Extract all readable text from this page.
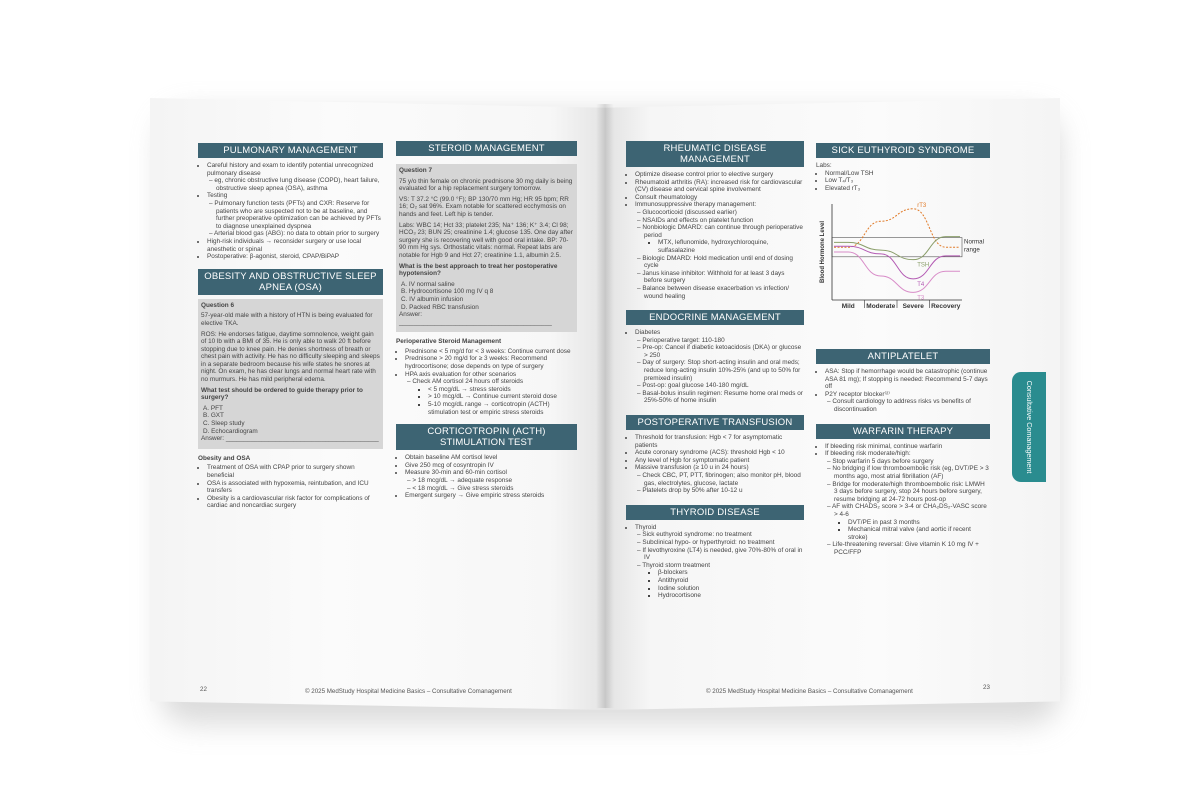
PULMONARY MANAGEMENT
• Careful history and exam to identify potential unrecognized pulmonary disease
– eg, chronic obstructive lung disease (COPD), heart failure, obstructive sleep apnea (OSA), asthma
• Testing
– Pulmonary function tests (PFTs) and CXR: Reserve for patients who are suspected not to be at baseline, and further preoperative optimization can be achieved by PFTs to diagnose unexplained dyspnea
– Arterial blood gas (ABG): no data to obtain prior to surgery
• High-risk individuals → reconsider surgery or use local anesthetic or spinal
• Postoperative: β-agonist, steroid, CPAP/BiPAP
OBESITY AND OBSTRUCTIVE SLEEP APNEA (OSA)

Question 6

57-year-old male with a history of HTN is being evaluated for elective TKA.

ROS: He endorses fatigue, daytime somnolence, weight gain of 10 lb with a BMI of 35. He is only able to walk 20 ft before stopping due to knee pain. He denies shortness of breath or chest pain with activity. He has no difficulty sleeping and sleeps in a separate bedroom because his wife states he snores at night. On exam, he has clear lungs and normal heart rate with no murmurs. He has mild peripheral edema.

What test should be ordered to guide therapy prior to surgery?

A. PFT
B. GXT
C. Sleep study
D. Echocardiogram

Answer: ___________________________________________

Obesity and OSA
• Treatment of OSA with CPAP prior to surgery shown beneficial
• OSA is associated with hypoxemia, reintubation, and ICU transfers
• Obesity is a cardiovascular risk factor for complications of cardiac and noncardiac surgery
STEROID MANAGEMENT

Question 7

75 y/o thin female on chronic prednisone 30 mg daily is being evaluated for a hip replacement surgery tomorrow.

VS: T 37.2 °C (99.0 °F); BP 130/70 mm Hg; HR 95 bpm; RR 16; O₂ sat 96%. Exam notable for scattered ecchymosis on hands and feet. Left hip is tender.

Labs: WBC 14; Hct 33; platelet 235; Na⁺ 136; K⁺ 3.4; Cl 98; HCO₃ 23; BUN 25; creatinine 1.4; glucose 135. One day after surgery she is recovering well with good oral intake. BP: 70-90 mm Hg sys. Orthostatic vitals: normal. Repeat labs are notable for Hgb 9 and Hct 27; creatinine 1.1, albumin 2.5.

What is the best approach to treat her postoperative hypotension?

A. IV normal saline
B. Hydrocortisone 100 mg IV q 8
C. IV albumin infusion
D. Packed RBC transfusion

Answer: ___________________________________________

Perioperative Steroid Management
• Prednisone < 5 mg/d for < 3 weeks: Continue current dose
• Prednisone > 20 mg/d for ≥ 3 weeks: Recommend hydrocortisone; dose depends on type of surgery
• HPA axis evaluation for other scenarios
– Check AM cortisol 24 hours off steroids
▪ < 5 mcg/dL → stress steroids
▪ > 10 mcg/dL → Continue current steroid dose
▪ 5-10 mcg/dL range → corticotropin (ACTH) stimulation test or empiric stress steroids
CORTICOTROPIN (ACTH) STIMULATION TEST
• Obtain baseline AM cortisol level
• Give 250 mcg of cosyntropin IV
• Measure 30-min and 60-min cortisol
– > 18 mcg/dL → adequate response
– < 18 mcg/dL → Give stress steroids
• Emergent surgery → Give empiric stress steroids
22	© 2025 MedStudy Hospital Medicine Basics – Consultative Comanagement
RHEUMATIC DISEASE MANAGEMENT
• Optimize disease control prior to elective surgery
• Rheumatoid arthritis (RA): increased risk for cardiovascular (CV) disease and cervical spine involvement
• Consult rheumatology
• Immunosuppressive therapy management:
– Glucocorticoid (discussed earlier)
– NSAIDs and effects on platelet function
– Nonbiologic DMARD: can continue through perioperative period
▪ MTX, leflunomide, hydroxychloroquine, sulfasalazine
– Biologic DMARD: Hold medication until end of dosing cycle
– Janus kinase inhibitor: Withhold for at least 3 days before surgery
– Balance between disease exacerbation vs infection/ wound healing
ENDOCRINE MANAGEMENT
• Diabetes
– Perioperative target: 110-180
– Pre-op: Cancel if diabetic ketoacidosis (DKA) or glucose > 250
– Day of surgery: Stop short-acting insulin and oral meds; reduce long-acting insulin 10%-25% (and up to 50% for premixed insulin)
– Post-op: goal glucose 140-180 mg/dL
– Basal-bolus insulin regimen: Resume home oral meds or 25%-50% of home insulin
POSTOPERATIVE TRANSFUSION
• Threshold for transfusion: Hgb < 7 for asymptomatic patients
• Acute coronary syndrome (ACS): threshold Hgb < 10
• Any level of Hgb for symptomatic patient
• Massive transfusion (≥ 10 u in 24 hours)
– Check CBC, PT, PTT, fibrinogen; also monitor pH, blood gas, electrolytes, glucose, lactate
– Platelets drop by 50% after 10-12 u
THYROID DISEASE
• Thyroid
– Sick euthyroid syndrome: no treatment
– Subclinical hypo- or hyperthyroid: no treatment
– If levothyroxine (LT4) is needed, give 70%-80% of oral in IV
– Thyroid storm treatment
▪ β-blockers
▪ Antithyroid
▪ Iodine solution
▪ Hydrocortisone
SICK EUTHYROID SYNDROME
Labs:
• Normal/Low TSH
• Low T₄/T₃
• Elevated rT₃
Mild Moderate Severe Recovery
Blood Hormone Level	Normal
range
rT3
TSH
T4
T3
ANTIPLATELET
• ASA: Stop if hemorrhage would be catastrophic (continue ASA 81 mg); If stopping is needed: Recommend 5-7 days off
• P2Y receptor blocker⁽²⁾
– Consult cardiology to address risks vs benefits of discontinuation
WARFARIN THERAPY
• If bleeding risk minimal, continue warfarin
• If bleeding risk moderate/high:
– Stop warfarin 5 days before surgery
– No bridging if low thromboembolic risk (eg, DVT/PE > 3 months ago, most atrial fibrillation (AF)
– Bridge for moderate/high thromboembolic risk: LMWH 3 days before surgery, stop 24 hours before surgery, resume bridging at 24-72 hours post-op
– AF with CHADS₂ score > 3-4 or CHA₂DS₂-VASC score > 4-6
▪ DVT/PE in past 3 months
▪ Mechanical mitral valve (and aortic if recent stroke)
– Life-threatening reversal: Give vitamin K 10 mg IV + PCC/FFP
Consultative Comanagement
© 2025 MedStudy Hospital Medicine Basics – Consultative Comanagement
23
